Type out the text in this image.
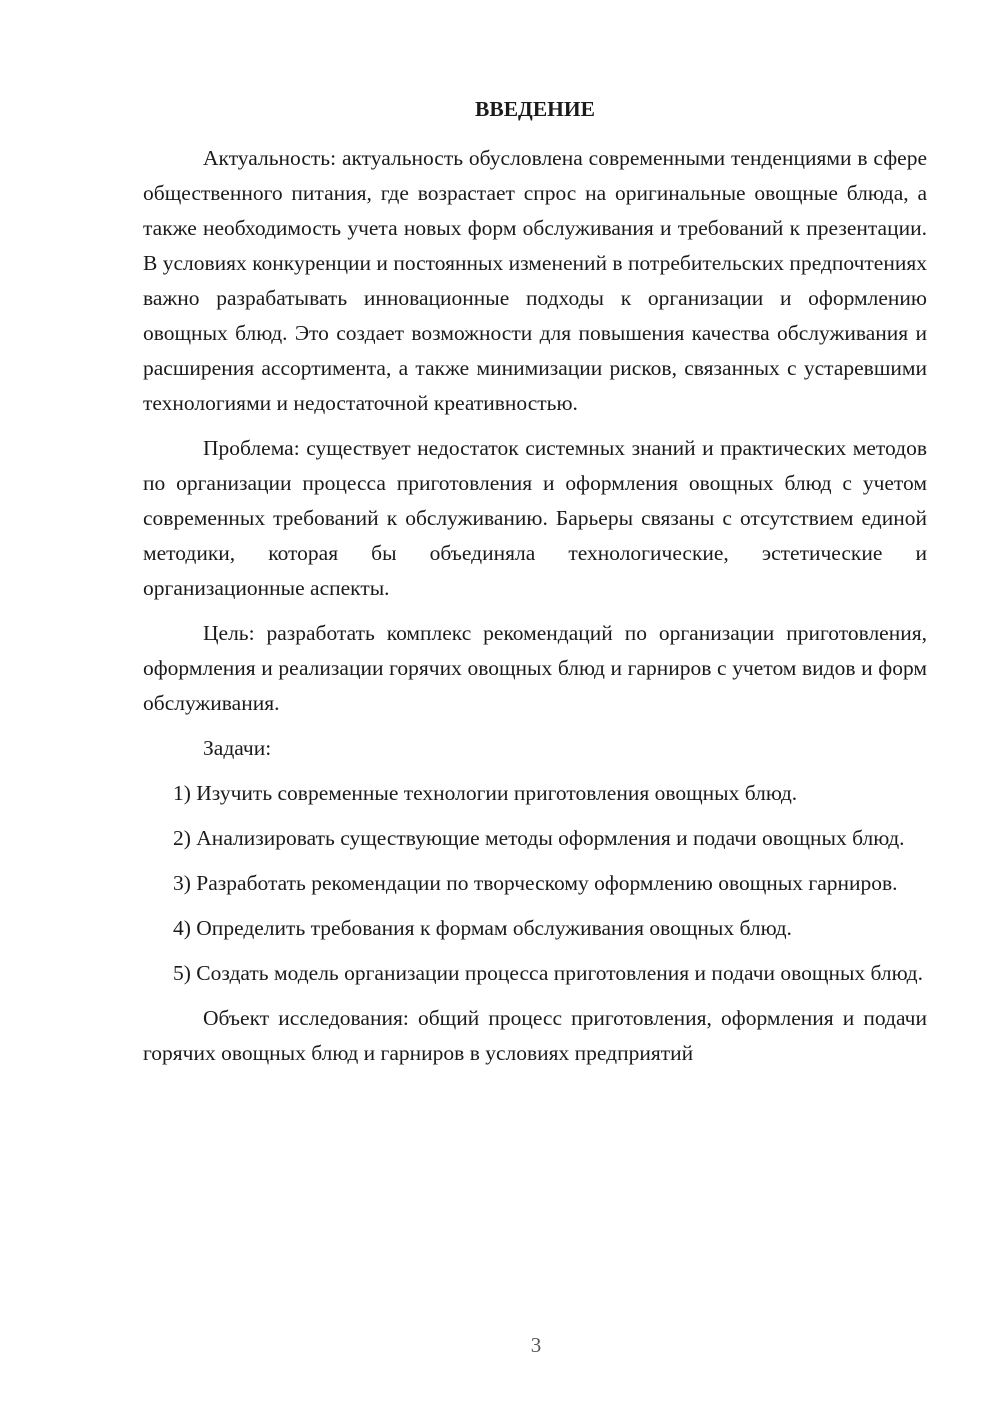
ВВЕДЕНИЕ

Актуальность: актуальность обусловлена современными тенденциями в сфере общественного питания, где возрастает спрос на оригинальные овощные блюда, а также необходимость учета новых форм обслуживания и требований к презентации. В условиях конкуренции и постоянных изменений в потребительских предпочтениях важно разрабатывать инновационные подходы к организации и оформлению овощных блюд. Это создает возможности для повышения качества обслуживания и расширения ассортимента, а также минимизации рисков, связанных с устаревшими технологиями и недостаточной креативностью.

Проблема: существует недостаток системных знаний и практических методов по организации процесса приготовления и оформления овощных блюд с учетом современных требований к обслуживанию. Барьеры связаны с отсутствием единой методики, которая бы объединяла технологические, эстетические и организационные аспекты.

Цель: разработать комплекс рекомендаций по организации приготовления, оформления и реализации горячих овощных блюд и гарниров с учетом видов и форм обслуживания.

Задачи:

1) Изучить современные технологии приготовления овощных блюд.

2) Анализировать существующие методы оформления и подачи овощных блюд.

3) Разработать рекомендации по творческому оформлению овощных гарниров.

4) Определить требования к формам обслуживания овощных блюд.

5) Создать модель организации процесса приготовления и подачи овощных блюд.

Объект исследования: общий процесс приготовления, оформления и подачи горячих овощных блюд и гарниров в условиях предприятий

3
